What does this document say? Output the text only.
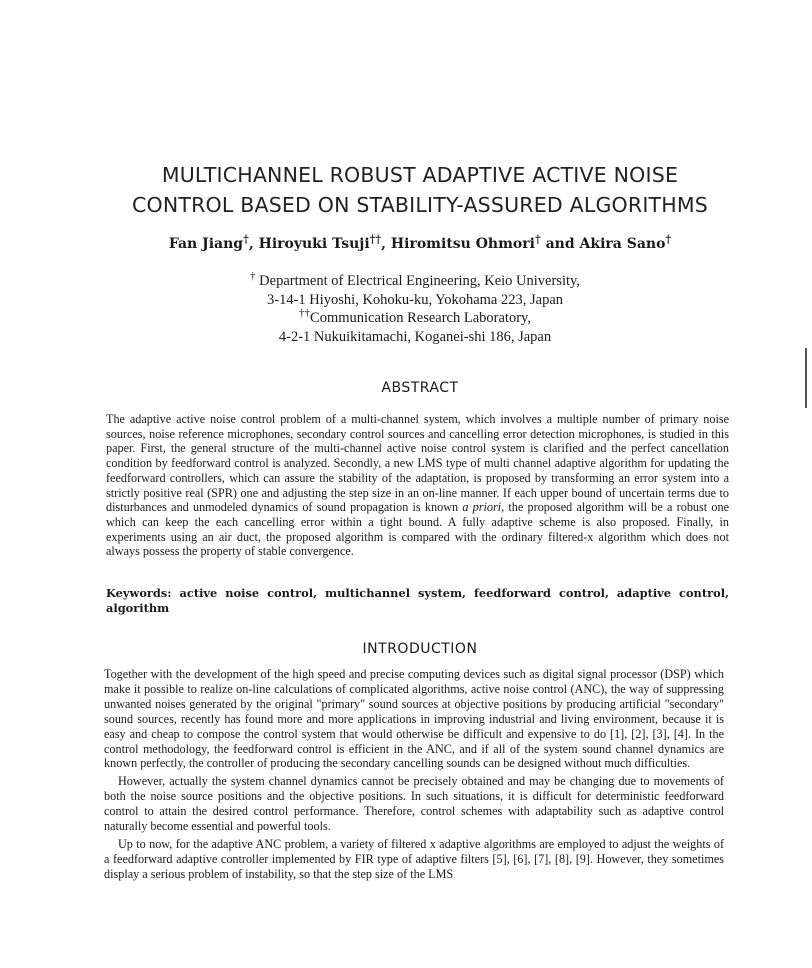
MULTICHANNEL ROBUST ADAPTIVE ACTIVE NOISE
CONTROL BASED ON STABILITY-ASSURED ALGORITHMS
Fan Jiang†, Hiroyuki Tsuji††, Hiromitsu Ohmori† and Akira Sano†
† Department of Electrical Engineering, Keio University,
3-14-1 Hiyoshi, Kohoku-ku, Yokohama 223, Japan
††Communication Research Laboratory,
4-2-1 Nukuikitamachi, Koganei-shi 186, Japan
ABSTRACT
The adaptive active noise control problem of a multi-channel system, which involves a multiple number of primary noise sources, noise reference microphones, secondary control sources and cancelling error detection microphones, is studied in this paper. First, the general structure of the multi-channel active noise control system is clarified and the perfect cancellation condition by feedforward control is analyzed. Secondly, a new LMS type of multi channel adaptive algorithm for updating the feedforward controllers, which can assure the stability of the adaptation, is proposed by transforming an error system into a strictly positive real (SPR) one and adjusting the step size in an on-line manner. If each upper bound of uncertain terms due to disturbances and unmodeled dynamics of sound propagation is known a priori, the proposed algorithm will be a robust one which can keep the each cancelling error within a tight bound. A fully adaptive scheme is also proposed. Finally, in experiments using an air duct, the proposed algorithm is compared with the ordinary filtered-x algorithm which does not always possess the property of stable convergence.
Keywords: active noise control, multichannel system, feedforward control, adaptive control, algorithm
INTRODUCTION

Together with the development of the high speed and precise computing devices such as digital signal processor (DSP) which make it possible to realize on-line calculations of complicated algorithms, active noise control (ANC), the way of suppressing unwanted noises generated by the original "primary" sound sources at objective positions by producing artificial "secondary" sound sources, recently has found more and more applications in improving industrial and living environment, because it is easy and cheap to compose the control system that would otherwise be difficult and expensive to do [1], [2], [3], [4]. In the control methodology, the feedforward control is efficient in the ANC, and if all of the system sound channel dynamics are known perfectly, the controller of producing the secondary cancelling sounds can be designed without much difficulties.

However, actually the system channel dynamics cannot be precisely obtained and may be changing due to movements of both the noise source positions and the objective positions. In such situations, it is difficult for deterministic feedforward control to attain the desired control performance. Therefore, control schemes with adaptability such as adaptive control naturally become essential and powerful tools.

Up to now, for the adaptive ANC problem, a variety of filtered x adaptive algorithms are employed to adjust the weights of a feedforward adaptive controller implemented by FIR type of adaptive filters [5], [6], [7], [8], [9]. However, they sometimes display a serious problem of instability, so that the step size of the LMS
